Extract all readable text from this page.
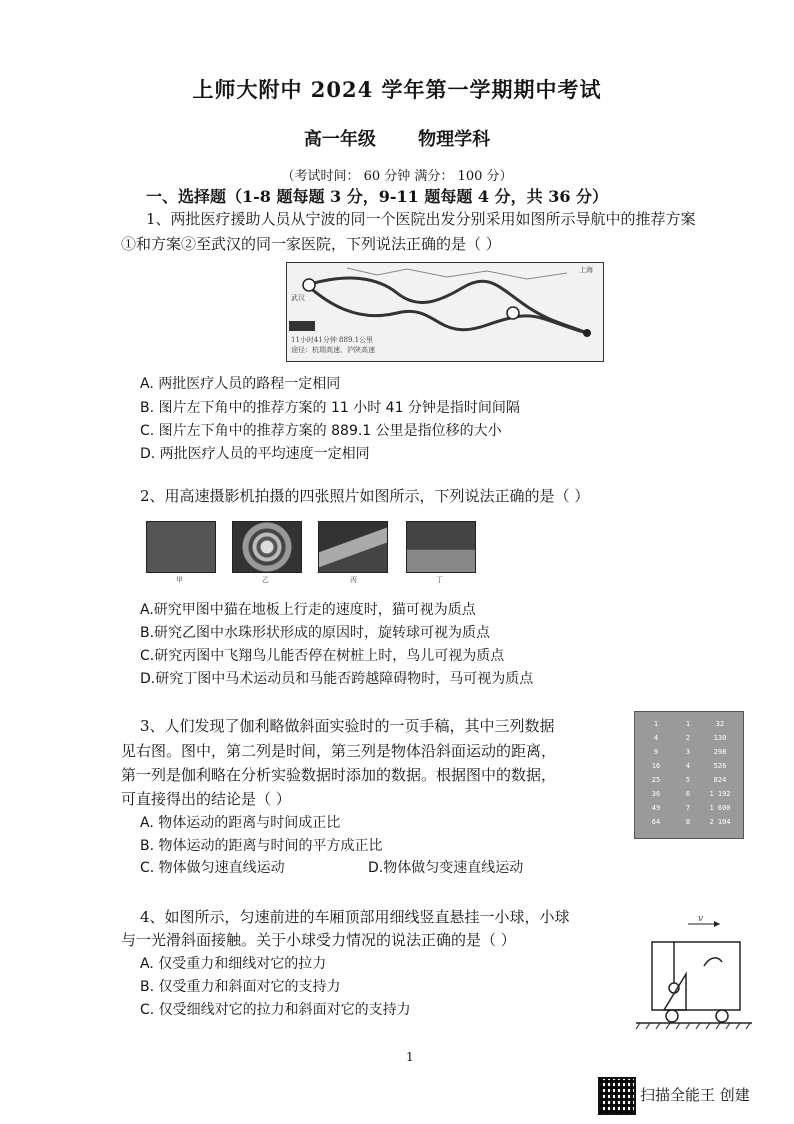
上师大附中 2024 学年第一学期期中考试
高一年级 物理学科
（考试时间： 60 分钟 满分： 100 分）
一、选择题（1-8 题每题 3 分，9-11 题每题 4 分，共 36 分）
1、两批医疗援助人员从宁波的同一个医院出发分别采用如图所示导航中的推荐方案
①和方案②至武汉的同一家医院，下列说法正确的是（ ）
武汉
上海
11小时41分钟 889.1公里
途径：杭瑞高速、沪陕高速
A. 两批医疗人员的路程一定相同
B. 图片左下角中的推荐方案的 11 小时 41 分钟是指时间间隔
C. 图片左下角中的推荐方案的 889.1 公里是指位移的大小
D. 两批医疗人员的平均速度一定相同
2、用高速摄影机拍摄的四张照片如图所示，下列说法正确的是（ ）
甲	乙	丙	丁
A.研究甲图中猫在地板上行走的速度时，猫可视为质点
B.研究乙图中水珠形状形成的原因时，旋转球可视为质点
C.研究丙图中飞翔鸟儿能否停在树桩上时，鸟儿可视为质点
D.研究丁图中马术运动员和马能否跨越障碍物时，马可视为质点
3、人们发现了伽利略做斜面实验时的一页手稿，其中三列数据
见右图。图中，第二列是时间，第三列是物体沿斜面运动的距离，
第一列是伽利略在分析实验数据时添加的数据。根据图中的数据，
可直接得出的结论是（ ）
1	1	32
4	2	130
9	3	298
16	4	526
25	5	824
36	6	1 192
49	7	1 600
64	8	2 104
A. 物体运动的距离与时间成正比
B. 物体运动的距离与时间的平方成正比
C. 物体做匀速直线运动	D.物体做匀变速直线运动
4、如图所示，匀速前进的车厢顶部用细线竖直悬挂一小球，小球
与一光滑斜面接触。关于小球受力情况的说法正确的是（ ）
v
A. 仅受重力和细线对它的拉力
B. 仅受重力和斜面对它的支持力
C. 仅受细线对它的拉力和斜面对它的支持力
1
扫描全能王 创建
